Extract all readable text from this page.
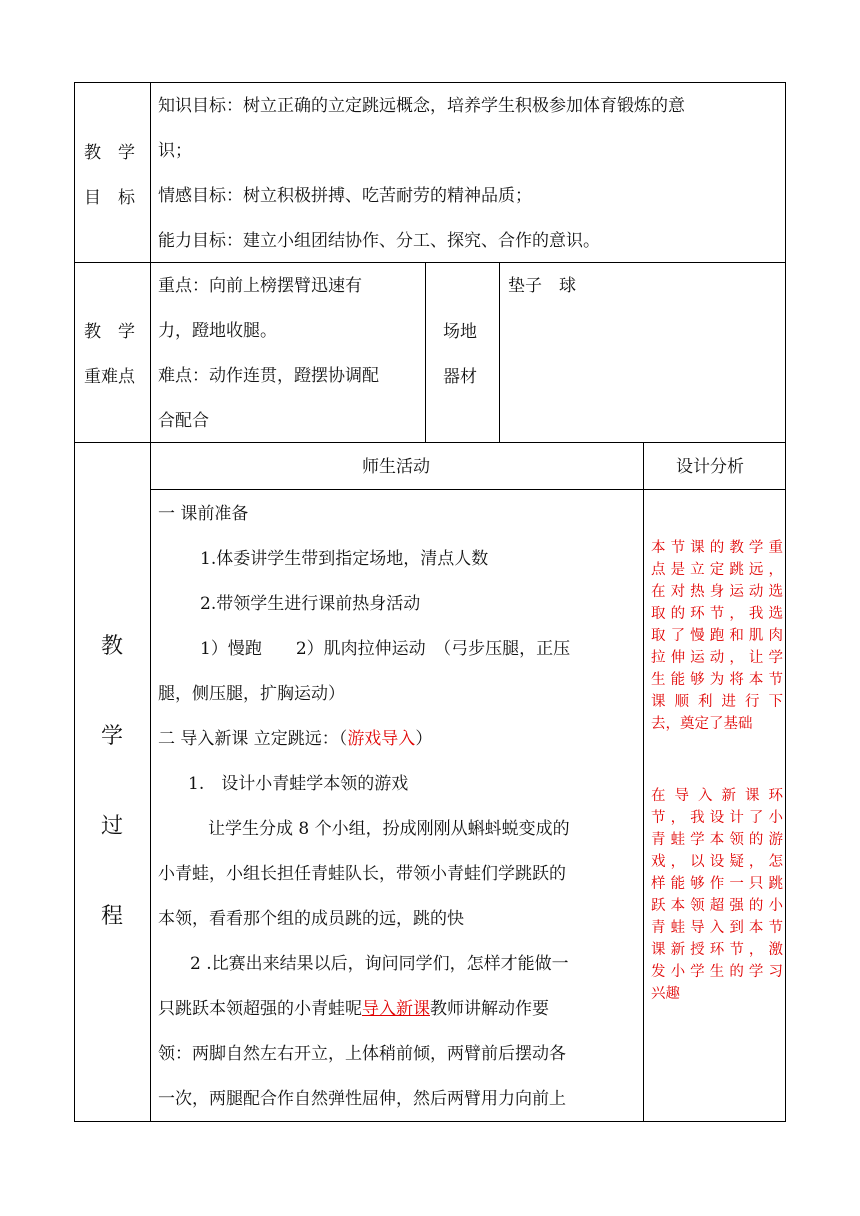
教　学
目　标
知识目标：树立正确的立定跳远概念，培养学生积极参加体育锻炼的意
识；
情感目标：树立积极拼搏、吃苦耐劳的精神品质；
能力目标：建立小组团结协作、分工、探究、合作的意识。
教　学
重难点
重点：向前上榜摆臂迅速有
力，蹬地收腿。
难点：动作连贯，蹬摆协调配
合配合
场地
器材
垫子　球
教
学
过
程
师生活动	设计分析
一 课前准备
1.体委讲学生带到指定场地，清点人数
2.带领学生进行课前热身活动
1）慢跑　　2）肌肉拉伸运动　（弓步压腿，正压
腿，侧压腿，扩胸运动）
二 导入新课 立定跳远：（游戏导入）
1.　设计小青蛙学本领的游戏
让学生分成 8 个小组，扮成刚刚从蝌蚪蜕变成的
小青蛙，小组长担任青蛙队长，带领小青蛙们学跳跃的
本领，看看那个组的成员跳的远，跳的快
2 .比赛出来结果以后，询问同学们，怎样才能做一
只跳跃本领超强的小青蛙呢导入新课教师讲解动作要
领：两脚自然左右开立，上体稍前倾，两臂前后摆动各
一次，两腿配合作自然弹性屈伸，然后两臂用力向前上
本节课的教学重
点是立定跳远，
在对热身运动选
取的环节，我选
取了慢跑和肌肉
拉伸运动，让学
生能够为将本节
课顺利进行下
去，奠定了基础
在导入新课环
节，我设计了小
青蛙学本领的游
戏，以设疑，怎
样能够作一只跳
跃本领超强的小
青蛙导入到本节
课新授环节，激
发小学生的学习
兴趣
